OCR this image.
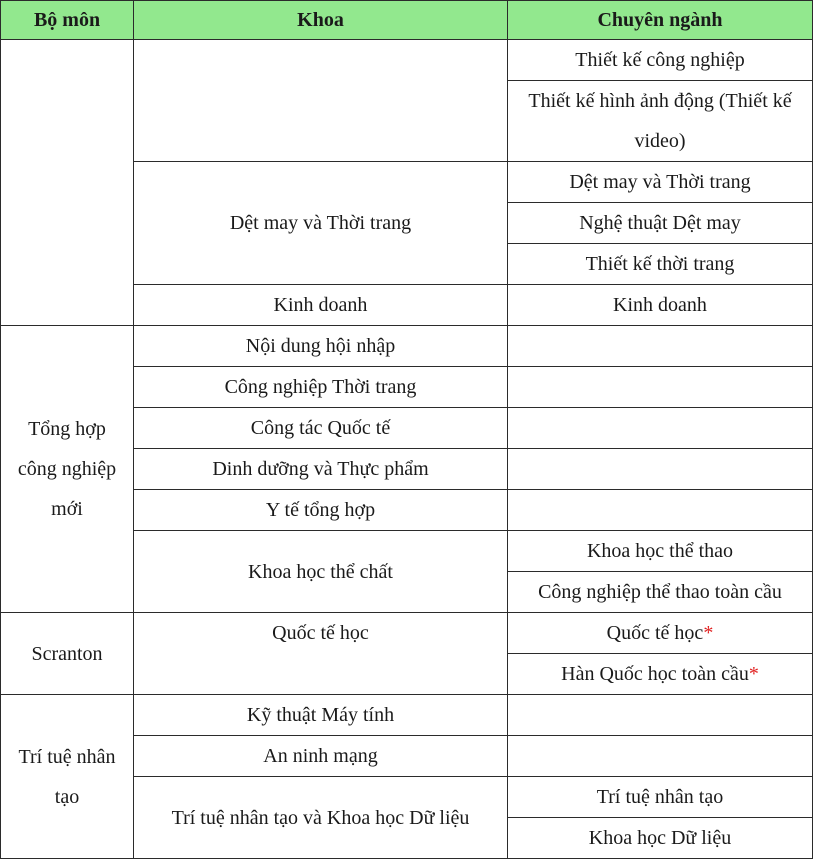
Bộ môn	Khoa	Chuyên ngành	
		Thiết kế công nghiệp	
		Thiết kế hình ảnh động (Thiết kế video)	
	Dệt may và Thời trang	Dệt may và Thời trang	
		Nghệ thuật Dệt may	
		Thiết kế thời trang	
	Kinh doanh	Kinh doanh	
Tổng hợp công nghiệp mới	Nội dung hội nhập		
	Công nghiệp Thời trang		
	Công tác Quốc tế		
	Dinh dưỡng và Thực phẩm		
	Y tế tổng hợp		
	Khoa học thể chất	Khoa học thể thao	
		Công nghiệp thể thao toàn cầu	
Scranton	Quốc tế học	Quốc tế học*	
		Hàn Quốc học toàn cầu*	
Trí tuệ nhân tạo	Kỹ thuật Máy tính		
	An ninh mạng		
	Trí tuệ nhân tạo và Khoa học Dữ liệu	Trí tuệ nhân tạo	
		Khoa học Dữ liệu	
